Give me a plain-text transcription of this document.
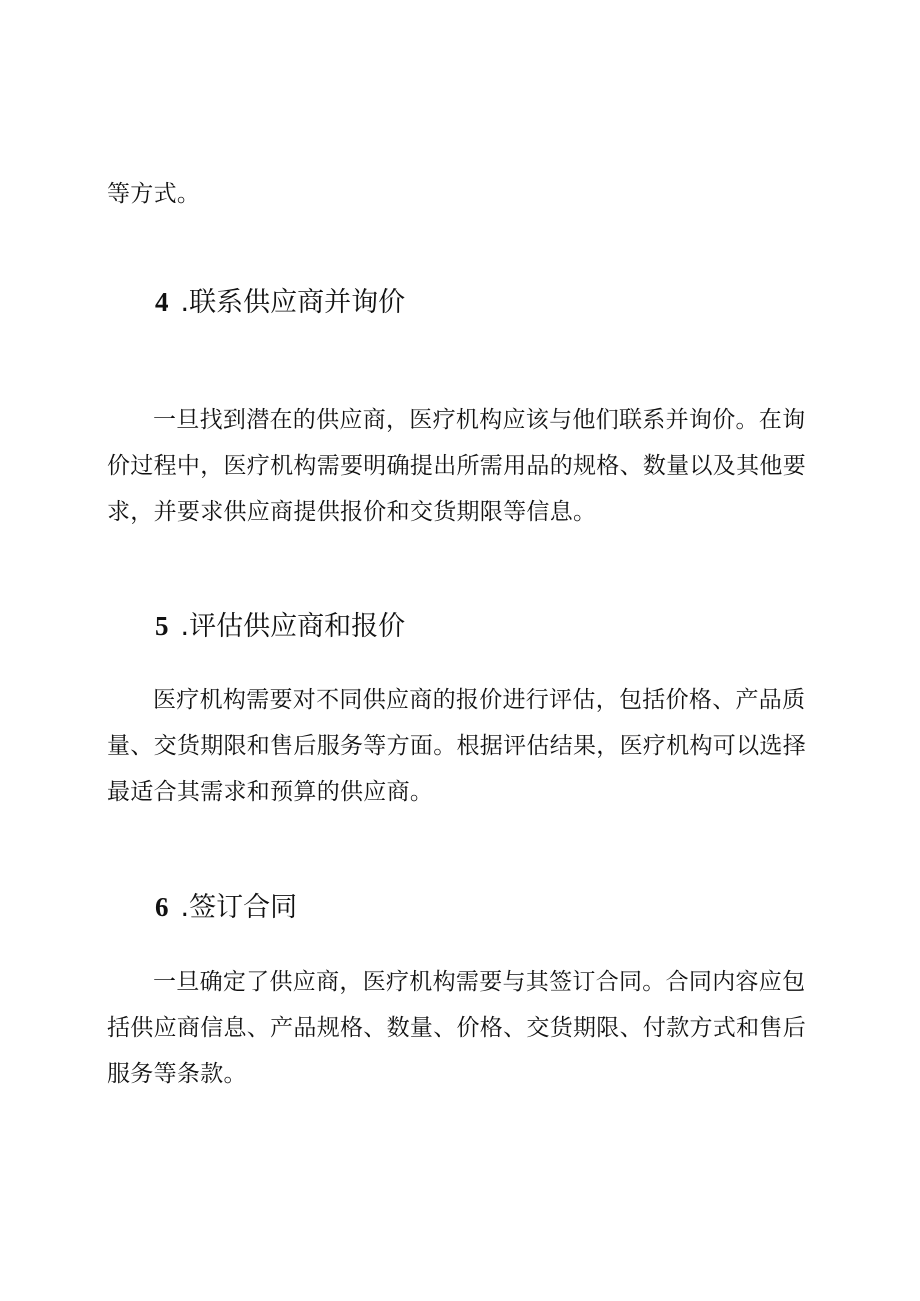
等方式。

4 .联系供应商并询价

一旦找到潜在的供应商，医疗机构应该与他们联系并询价。在询价过程中，医疗机构需要明确提出所需用品的规格、数量以及其他要求，并要求供应商提供报价和交货期限等信息。

5 .评估供应商和报价

医疗机构需要对不同供应商的报价进行评估，包括价格、产品质量、交货期限和售后服务等方面。根据评估结果，医疗机构可以选择最适合其需求和预算的供应商。

6 .签订合同

一旦确定了供应商，医疗机构需要与其签订合同。合同内容应包括供应商信息、产品规格、数量、价格、交货期限、付款方式和售后服务等条款。
